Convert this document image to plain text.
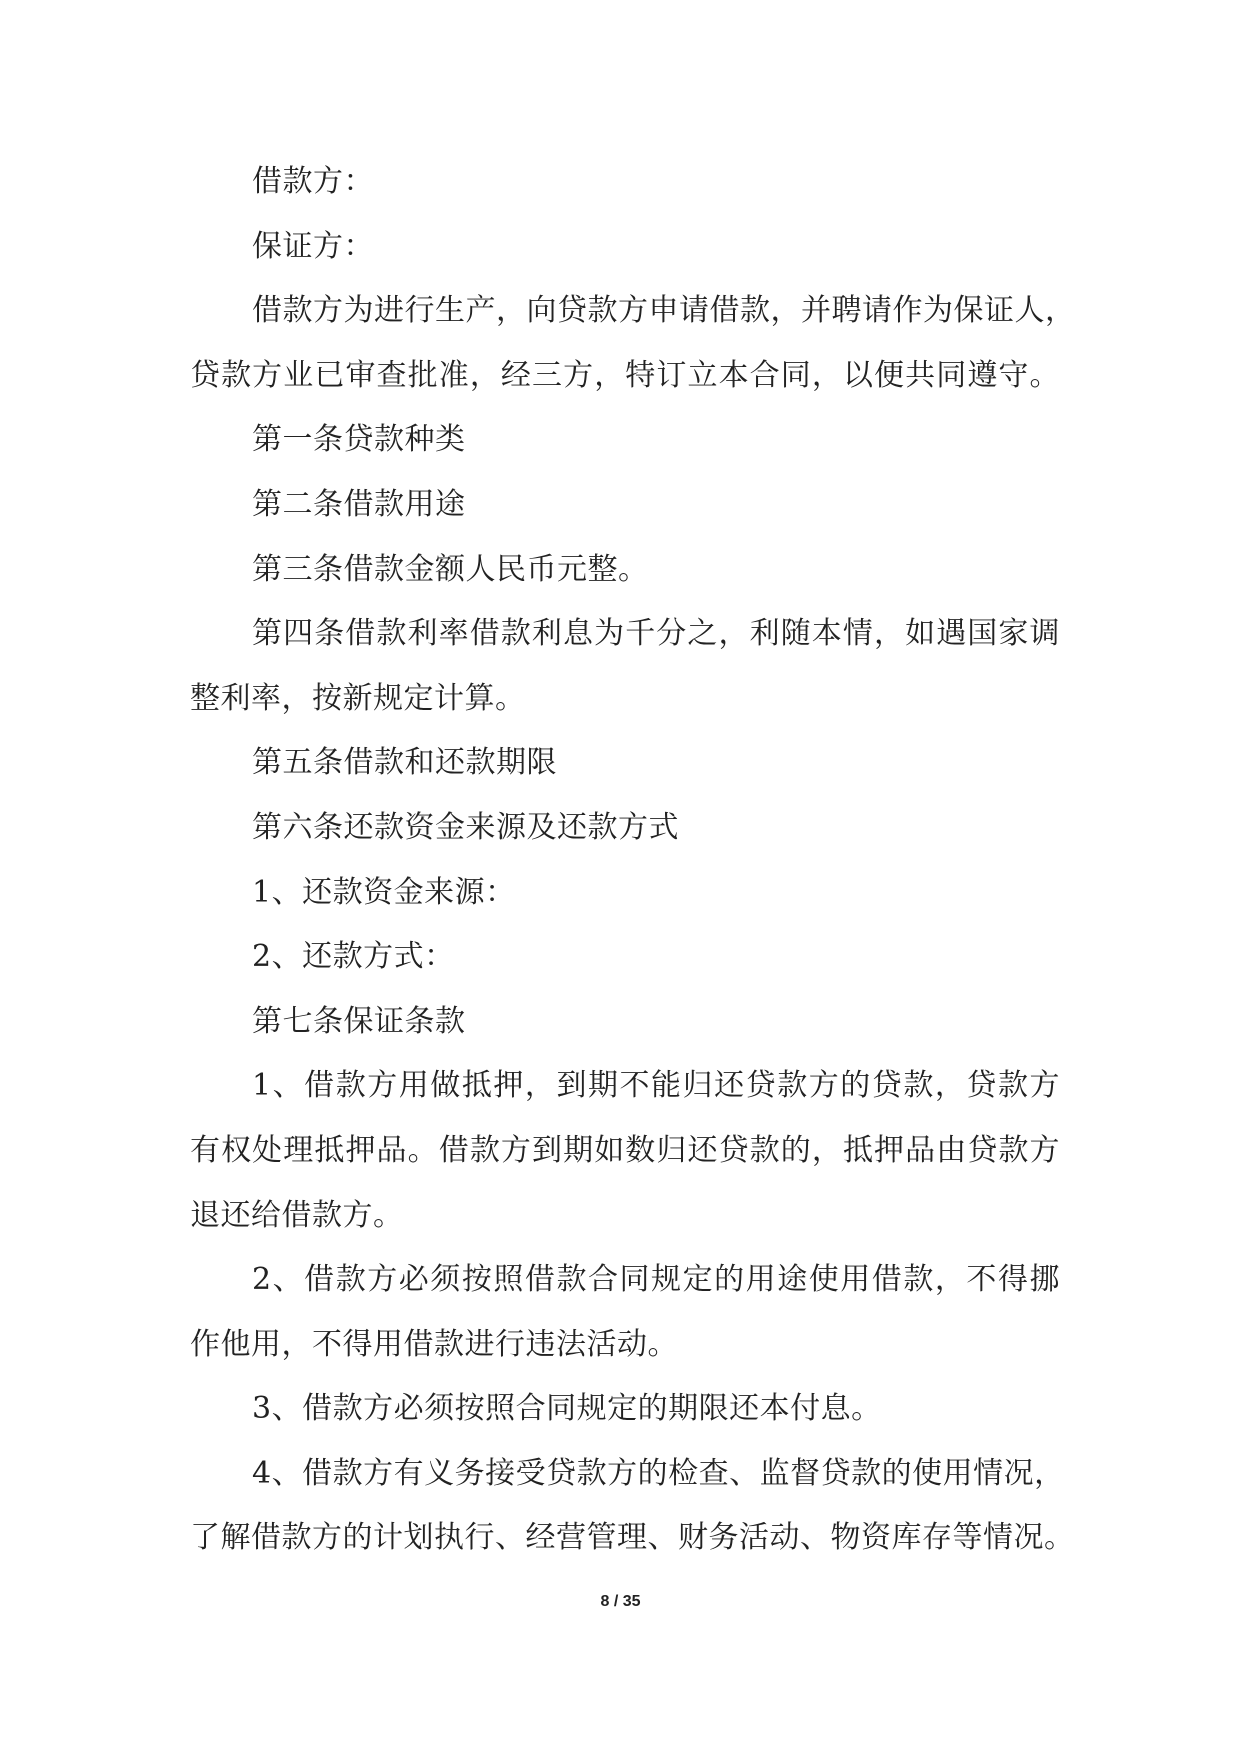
借款方：

保证方：

借款方为进行生产，向贷款方申请借款，并聘请作为保证人，

贷款方业已审查批准，经三方，特订立本合同，以便共同遵守。

第一条贷款种类

第二条借款用途

第三条借款金额人民币元整。

第四条借款利率借款利息为千分之，利随本情，如遇国家调

整利率，按新规定计算。

第五条借款和还款期限

第六条还款资金来源及还款方式

1、还款资金来源：

2、还款方式：

第七条保证条款

1、借款方用做抵押，到期不能归还贷款方的贷款，贷款方

有权处理抵押品。借款方到期如数归还贷款的，抵押品由贷款方

退还给借款方。

2、借款方必须按照借款合同规定的用途使用借款，不得挪

作他用，不得用借款进行违法活动。

3、借款方必须按照合同规定的期限还本付息。

4、借款方有义务接受贷款方的检查、监督贷款的使用情况，

了解借款方的计划执行、经营管理、财务活动、物资库存等情况。

8 / 35
